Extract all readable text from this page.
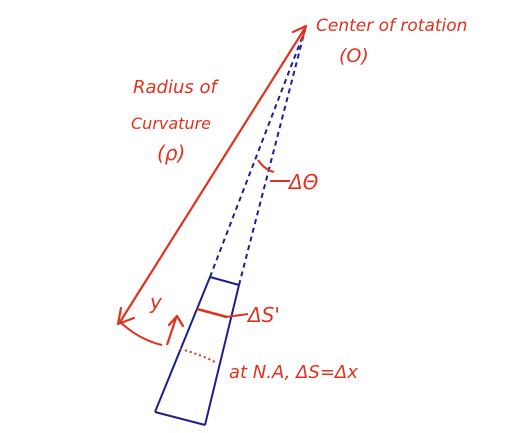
Center of rotation
(O)
Radius of
Curvature
(ρ)
ΔΘ
ΔS'
y
at N.A, ΔS=Δx
